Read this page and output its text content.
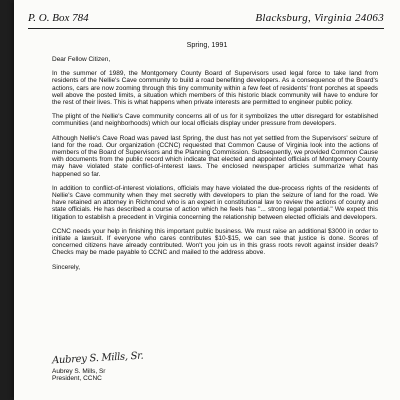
P. O. Box 784	Blacksburg, Virginia 24063
Spring, 1991

Dear Fellow Citizen,

In the summer of 1989, the Montgomery County Board of Supervisors used legal force to take land from residents of the Nellie's Cave community to build a road benefiting developers. As a consequence of the Board's actions, cars are now zooming through this tiny community within a few feet of residents' front porches at speeds well above the posted limits, a situation which members of this historic black community will have to endure for the rest of their lives. This is what happens when private interests are permitted to engineer public policy.

The plight of the Nellie's Cave community concerns all of us for it symbolizes the utter disregard for established communities (and neighborhoods) which our local officials display under pressure from developers.

Although Nellie's Cave Road was paved last Spring, the dust has not yet settled from the Supervisors' seizure of land for the road. Our organization (CCNC) requested that Common Cause of Virginia look into the actions of members of the Board of Supervisors and the Planning Commission. Subsequently, we provided Common Cause with documents from the public record which indicate that elected and appointed officials of Montgomery County may have violated state conflict-of-interest laws. The enclosed newspaper articles summarize what has happened so far.

In addition to conflict-of-interest violations, officials may have violated the due-process rights of the residents of Nellie's Cave community when they met secretly with developers to plan the seizure of land for the road. We have retained an attorney in Richmond who is an expert in constitutional law to review the actions of county and state officials. He has described a course of action which he feels has "... strong legal potential." We expect this litigation to establish a precedent in Virginia concerning the relationship between elected officials and developers.

CCNC needs your help in finishing this important public business. We must raise an additional $3000 in order to initiate a lawsuit. If everyone who cares contributes $10-$15, we can see that justice is done. Scores of concerned citizens have already contributed. Won't you join us in this grass roots revolt against insider deals? Checks may be made payable to CCNC and mailed to the address above.

Sincerely,

Aubrey S. Mills, Sr.
Aubrey S. Mills, Sr
President, CCNC
